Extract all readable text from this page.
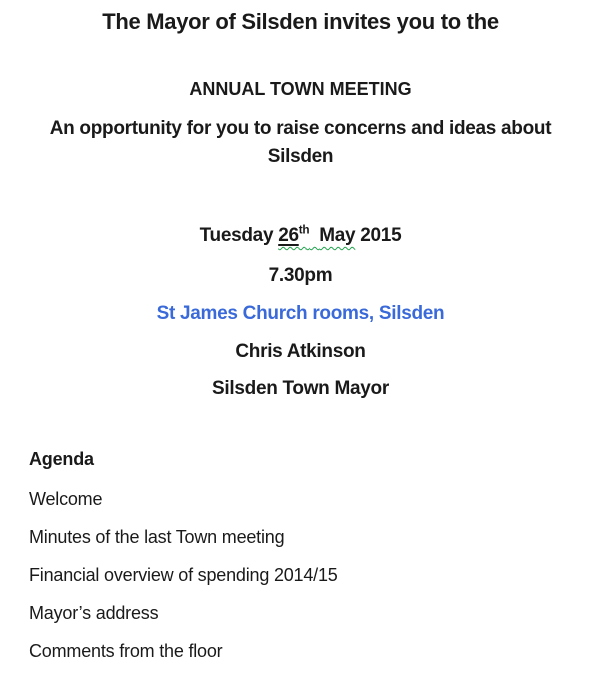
The Mayor of Silsden invites you to the

ANNUAL TOWN MEETING

An opportunity for you to raise concerns and ideas about
Silsden

Tuesday 26th May 2015

7.30pm

St James Church rooms, Silsden

Chris Atkinson

Silsden Town Mayor

Agenda

Welcome

Minutes of the last Town meeting

Financial overview of spending 2014/15

Mayor’s address

Comments from the floor
